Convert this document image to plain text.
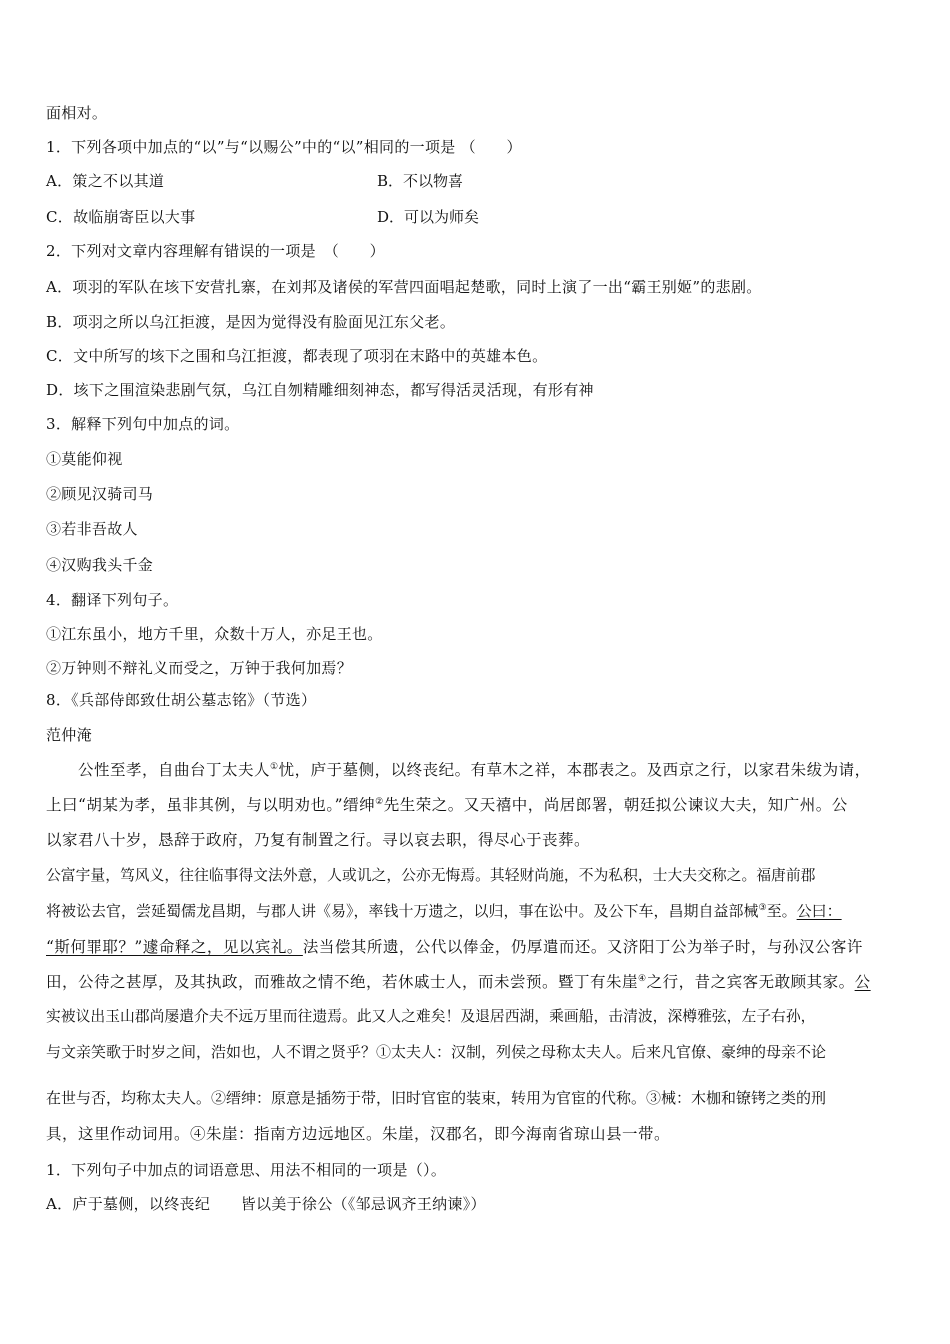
面相对。
1．下列各项中加点的“以”与“以赐公”中的“以”相同的一项是 （　　）
A．策之不以其道	B．不以物喜
C．故临崩寄臣以大事	D．可以为师矣
2．下列对文章内容理解有错误的一项是　（　　）
A．项羽的军队在垓下安营扎寨，在刘邦及诸侯的军营四面唱起楚歌，同时上演了一出“霸王别姬”的悲剧。
B．项羽之所以乌江拒渡，是因为觉得没有脸面见江东父老。
C．文中所写的垓下之围和乌江拒渡，都表现了项羽在末路中的英雄本色。
D．垓下之围渲染悲剧气氛，乌江自刎精雕细刻神态，都写得活灵活现，有形有神
3．解释下列句中加点的词。
①莫能仰视
②顾见汉骑司马
③若非吾故人
④汉购我头千金
4．翻译下列句子。
①江东虽小，地方千里，众数十万人，亦足王也。
②万钟则不辩礼义而受之，万钟于我何加焉？
8．《兵部侍郎致仕胡公墓志铭》（节选）
范仲淹
　　公性至孝，自曲台丁太夫人①忧，庐于墓侧，以终丧纪。有草木之祥，本郡表之。及西京之行，以家君朱绂为请，
上曰“胡某为孝，虽非其例，与以明劝也。”缙绅②先生荣之。又天禧中，尚居郎署，朝廷拟公谏议大夫，知广州。公
以家君八十岁，恳辞于政府，乃复有制置之行。寻以哀去职，得尽心于丧葬。
公富宇量，笃风义，往往临事得文法外意，人或讥之，公亦无悔焉。其轻财尚施，不为私积，士大夫交称之。福唐前郡
将被讼去官，尝延蜀儒龙昌期，与郡人讲《易》，率钱十万遗之，以归，事在讼中。及公下车，昌期自益部械③至。公曰：
“斯何罪耶？”遽命释之，见以宾礼。法当偿其所遗，公代以俸金，仍厚遣而还。又济阳丁公为举子时，与孙汉公客许
田，公待之甚厚，及其执政，而雅故之情不绝，若休戚士人，而未尝预。暨丁有朱崖④之行，昔之宾客无敢顾其家。公
实被议出玉山郡尚屡遣介夫不远万里而往遗焉。此又人之难矣！及退居西湖，乘画船，击清波，深樽雅弦，左子右孙，
与文亲笑歌于时岁之间，浩如也，人不谓之贤乎？①太夫人：汉制，列侯之母称太夫人。后来凡官僚、豪绅的母亲不论
在世与否，均称太夫人。②缙绅：原意是插笏于带，旧时官宦的装束，转用为官宦的代称。③械：木枷和镣铐之类的刑
具，这里作动词用。④朱崖：指南方边远地区。朱崖，汉郡名，即今海南省琼山县一带。
1．下列句子中加点的词语意思、用法不相同的一项是（）。
A．庐于墓侧，以终丧纪　　皆以美于徐公（《邹忌讽齐王纳谏》）
